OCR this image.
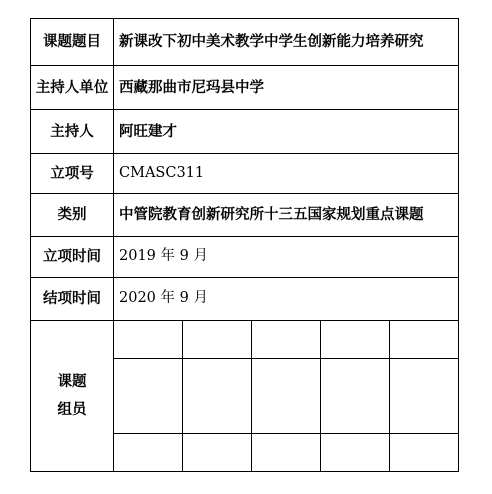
课题题目	新课改下初中美术教学中学生创新能力培养研究
主持人单位	西藏那曲市尼玛县中学
主持人	阿旺建才
立项号	CMASC311
类别	中管院教育创新研究所十三五国家规划重点课题
立项时间	2019 年 9 月
结项时间	2020 年 9 月

课题
组员
